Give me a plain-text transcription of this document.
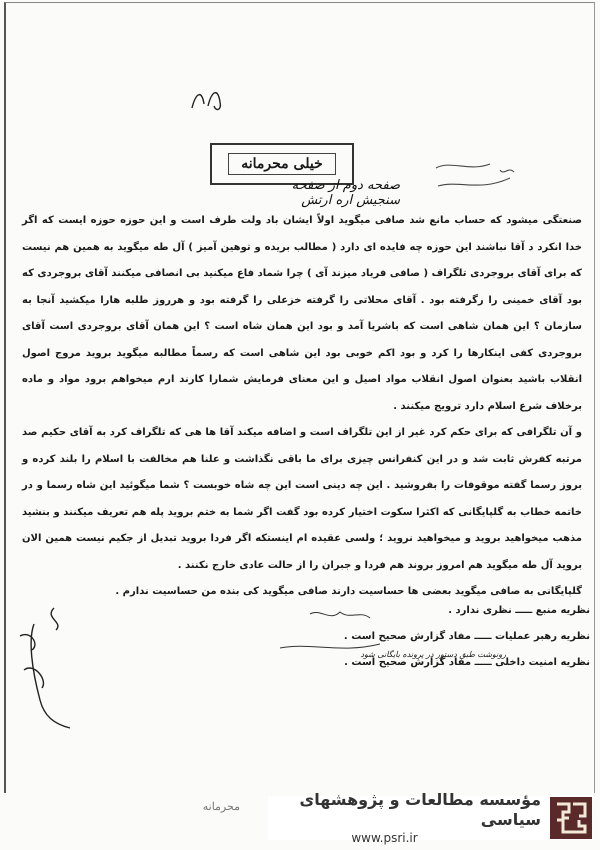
خیلی محرمانه
صفحه دوم از صفحه
سنجیش اره ارتش

صنعتگی میشود که حساب مانع شد صافی میگوید اولاً ایشان باد ولت طرف است و این حوزه حوزه ایست که اگر خدا انکرد د آقا نباشند این حوزه چه فایده ای دارد ( مطالب بریده و توهین آمیز ) آل طه میگوید به همین هم نیست که برای آقای بروجردی تلگراف ( صافی فریاد میزند آی ) چرا شماد فاع میکنید بی انصافی میکنند آقای بروجردی که بود آقای خمینی را رگرفته بود . آقای محلاتی را گرفته خزعلی را گرفته بود و هرروز طلبه هارا میکشید آنجا به سازمان ؟ این همان شاهی است که باشریا آمد و بود این همان شاه است ؟ این همان آقای بروجردی است آقای بروجردی کفی اینکارها را کرد و بود اکم خوبی بود این شاهی است که رسماً مطالبه میگوید بروید مروج اصول انقلاب باشید بعنوان اصول انقلاب مواد اصیل و این معنای فرمایش شمارا کارند ارم میخواهم برود مواد و ماده برخلاف شرع اسلام دارد ترویج میکنند .

و آن تلگرافی که برای حکم کرد غیر از این تلگراف است و اضافه میکند آقا ها هی که تلگراف کرد به آقای حکیم صد مرتبه کفرش ثابت شد و در این کنفرانس چیزی برای ما باقی نگذاشت و علنا هم مخالفت با اسلام را بلند کرده و بروز رسما گفته موقوفات را بفروشید . این چه دینی است این چه شاه خوبست ؟ شما میگوئید این شاه رسما و در خاتمه خطاب به گلپایگانی که اکثرا سکوت اختیار کرده بود گفت اگر شما به ختم بروید پله هم تعریف میکنند و بنشید مذهب میخواهید بروید و میخواهید نروید ؛ ولسی عقیده ام اینستکه اگر فردا بروید تبدیل از جکیم نیست همین الان بروید آل طه میگوید هم امروز بروند هم فردا و جبران را از حالت عادی خارج نکنند .

گلپایگانی به صافی میگوید بعضی ها حساسیت دارند صافی میگوید کی بنده من حساسیت ندارم .

نظریه منبع ـــــ نظری ندارد .

نظریه رهبر عملیات ـــــ مفاد گزارش صحیح است .

نظریه امنیت داخلی ـــــ مفاد گزارش صحیح است .

رونوشت طبق دستور در پرونده بایگانی شود
محرمانه	مؤسسه مطالعات و پژوهشهای سیاسی
www.psri.ir
